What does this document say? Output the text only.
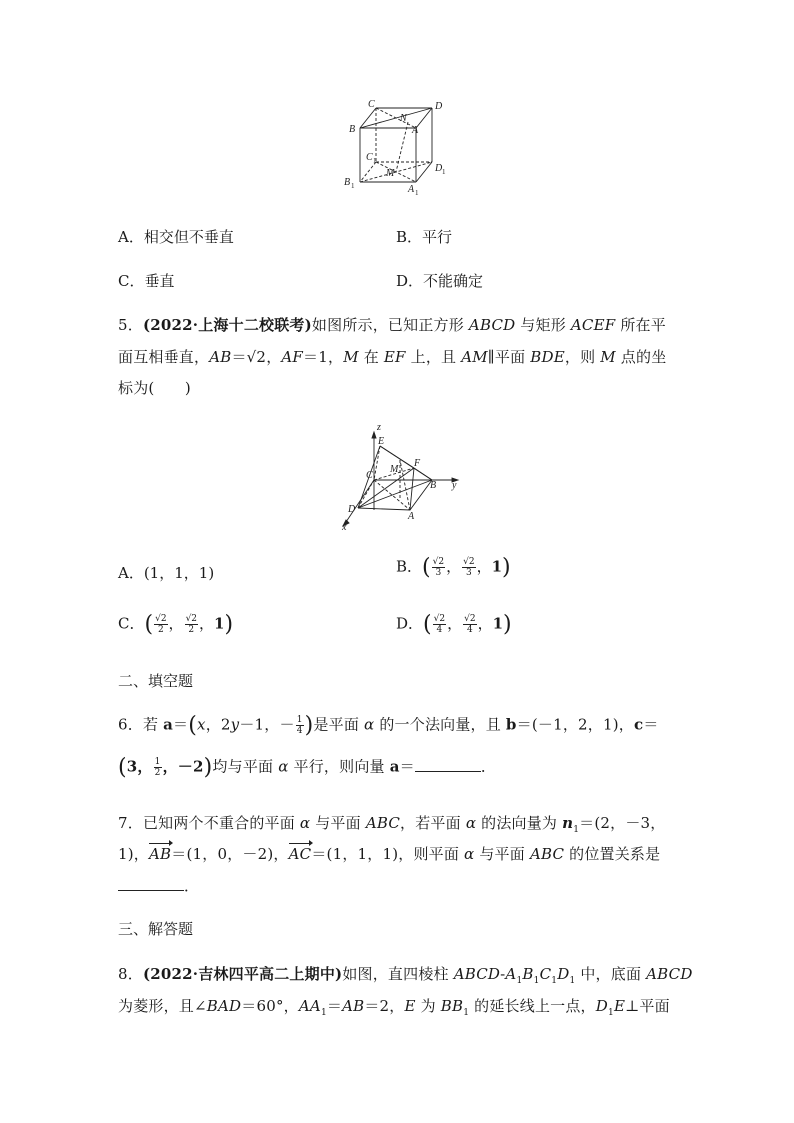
C	D
B
N
A
C 1
D 1
M
B 1	A 1
A．相交但不垂直	B．平行
C．垂直	D．不能确定
5．(2022·上海十二校联考)如图所示，已知正方形 ABCD 与矩形 ACEF 所在平
面互相垂直，AB＝√2，AF＝1，M 在 EF 上，且 AM∥平面 BDE，则 M 点的坐
标为(　　)
z
E
F
M
C
B y
D
A
x
A．(1，1，1)	B．( $\frac{√2}{3}$ ， $\frac{√2}{3}$ ，1)
C．( $\frac{√2}{2}$ ， $\frac{√2}{2}$ ，1)	D．( $\frac{√2}{4}$ ， $\frac{√2}{4}$ ，1)
二、填空题
6．若 a＝(x，2y－1，－ $\frac{1}{4}$ )是平面 α 的一个法向量，且 b＝(－1，2，1)，c＝
(3， $\frac{1}{2}$ ，－2)均与平面 α 平行，则向量 a＝	．
7．已知两个不重合的平面 α 与平面 ABC，若平面 α 的法向量为 $n_1=(2$，－3，
1)，AB＝(1，0，－2)，AC＝(1，1，1)，则平面 α 与平面 ABC 的位置关系是
．
三、解答题
8．(2022·吉林四平高二上期中)如图，直四棱柱 ABCD-$A_1B_1C_1D_1$ 中，底面 ABCD
为菱形，且∠BAD＝60°，$AA_1=AB=2$，E 为 $BB_1$ 的延长线上一点，$D_1E\perp$平面
